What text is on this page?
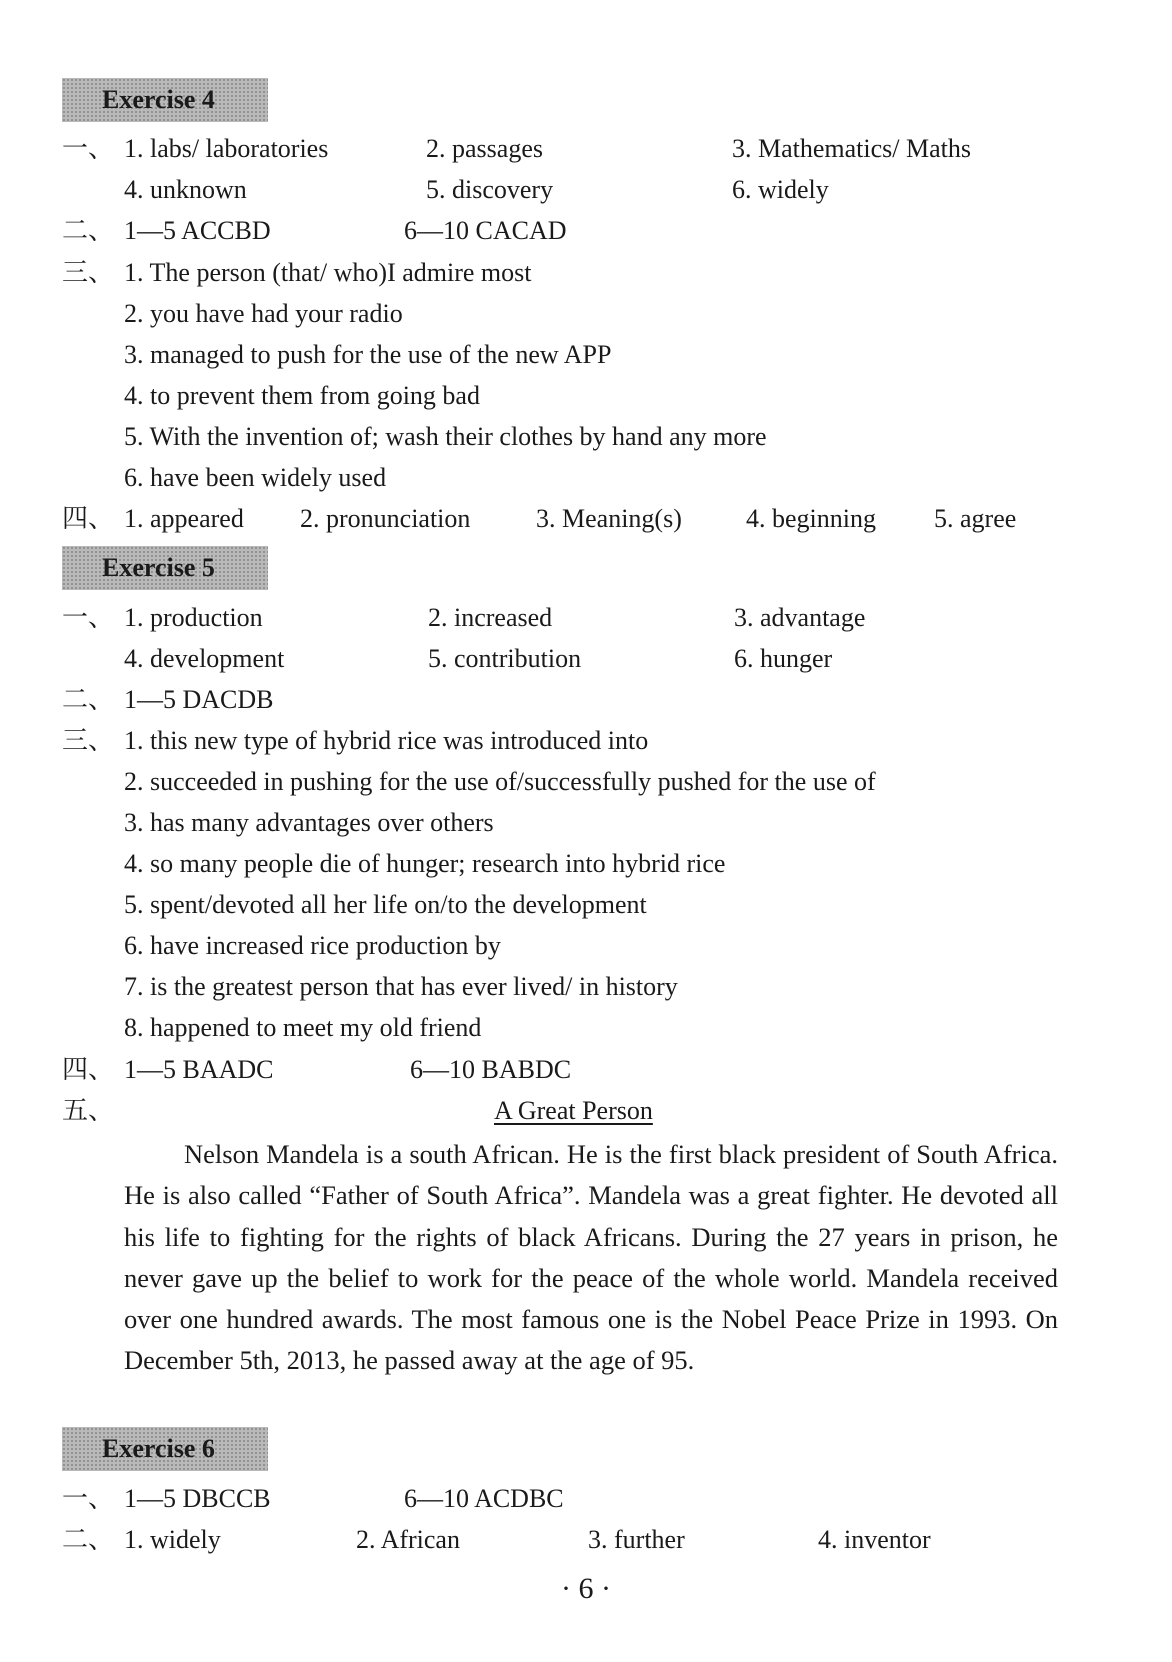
Exercise 4
一、 1. labs/ laboratories	2. passages	3. Mathematics/ Maths
4. unknown	5. discovery	6. widely
二、 1—5 ACCBD	6—10 CACAD
三、 1. The person (that/ who)I admire most
2. you have had your radio
3. managed to push for the use of the new APP
4. to prevent them from going bad
5. With the invention of; wash their clothes by hand any more
6. have been widely used
四、 1. appeared 2. pronunciation	3. Meaning(s) 4. beginning 5. agree
Exercise 5
一、 1. production	2. increased	3. advantage
4. development	5. contribution	6. hunger
二、 1—5 DACDB
三、 1. this new type of hybrid rice was introduced into
2. succeeded in pushing for the use of/successfully pushed for the use of
3. has many advantages over others
4. so many people die of hunger; research into hybrid rice
5. spent/devoted all her life on/to the development
6. have increased rice production by
7. is the greatest person that has ever lived/ in history
8. happened to meet my old friend
四、 1—5 BAADC	6—10 BABDC
五、	A Great Person

Nelson Mandela is a south African. He is the first black president of South Africa. He is also called “Father of South Africa”. Mandela was a great fighter. He devoted all his life to fighting for the rights of black Africans. During the 27 years in prison, he never gave up the belief to work for the peace of the whole world. Mandela received over one hundred awards. The most famous one is the Nobel Peace Prize in 1993. On December 5th, 2013, he passed away at the age of 95.

Exercise 6
一、 1—5 DBCCB	6—10 ACDBC
二、 1. widely	2. African	3. further	4. inventor
· 6 ·
